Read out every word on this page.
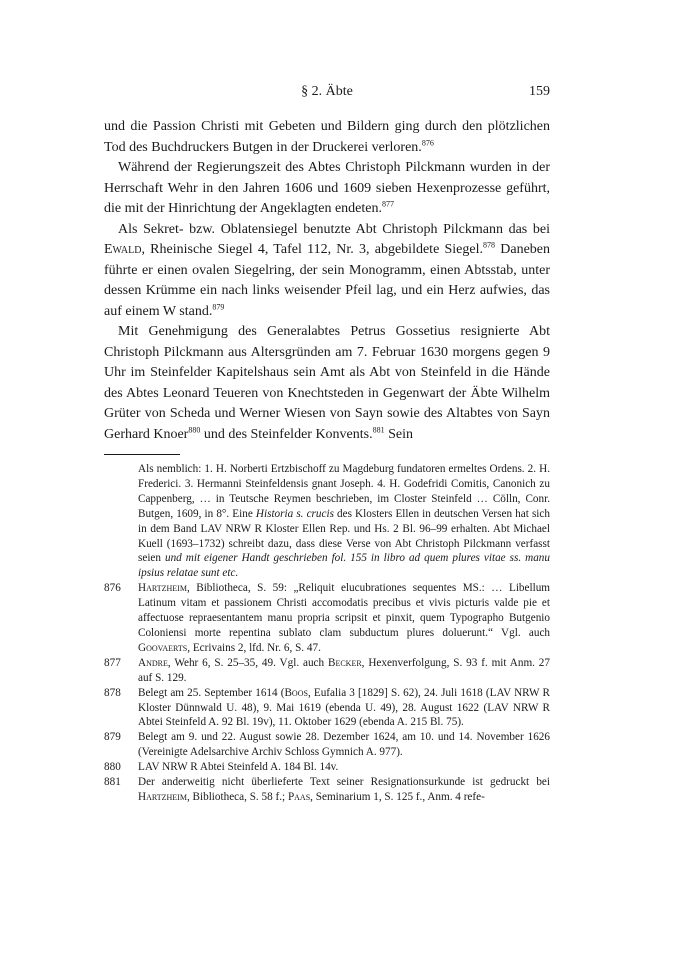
§ 2. Äbte	159

und die Passion Christi mit Gebeten und Bildern ging durch den plötzlichen Tod des Buchdruckers Butgen in der Druckerei verloren.$^{876}$

Während der Regierungszeit des Abtes Christoph Pilckmann wurden in der Herrschaft Wehr in den Jahren 1606 und 1609 sieben Hexenprozesse geführt, die mit der Hinrichtung der Angeklagten endeten.$^{877}$

Als Sekret- bzw. Oblatensiegel benutzte Abt Christoph Pilckmann das bei Ewald, Rheinische Siegel 4, Tafel 112, Nr. 3, abgebildete Siegel.$^{878}$ Daneben führte er einen ovalen Siegelring, der sein Monogramm, einen Abtsstab, unter dessen Krümme ein nach links weisender Pfeil lag, und ein Herz aufwies, das auf einem W stand.$^{879}$

Mit Genehmigung des Generalabtes Petrus Gossetius resignierte Abt Christoph Pilckmann aus Altersgründen am 7. Februar 1630 morgens gegen 9 Uhr im Steinfelder Kapitelshaus sein Amt als Abt von Steinfeld in die Hände des Abtes Leonard Teueren von Knechtsteden in Gegenwart der Äbte Wilhelm Grüter von Scheda und Werner Wiesen von Sayn sowie des Altabtes von Sayn Gerhard Knoer$^{880}$ und des Steinfelder Konvents.$^{881}$ Sein

Als nemblich: 1. H. Norberti Ertzbischoff zu Magdeburg fundatoren ermeltes Ordens. 2. H. Frederici. 3. Hermanni Steinfeldensis gnant Joseph. 4. H. Godefridi Comitis, Canonich zu Cappenberg, … in Teutsche Reymen beschrieben, im Closter Steinfeld … Cölln, Conr. Butgen, 1609, in 8°. Eine Historia s. crucis des Klosters Ellen in deutschen Versen hat sich in dem Band LAV NRW R Kloster Ellen Rep. und Hs. 2 Bl. 96–99 erhalten. Abt Michael Kuell (1693–1732) schreibt dazu, dass diese Verse von Abt Christoph Pilckmann verfasst seien und mit eigener Handt geschrieben fol. 155 in libro ad quem plures vitae ss. manu ipsius relatae sunt etc.
876	Hartzheim, Bibliotheca, S. 59: „Reliquit elucubrationes sequentes MS.: … Libellum Latinum vitam et passionem Christi accomodatis precibus et vivis picturis valde pie et affectuose repraesentantem manu propria scripsit et pinxit, quem Typographo Butgenio Coloniensi morte repentina sublato clam subductum plures doluerunt.“ Vgl. auch Goovaerts, Ecrivains 2, lfd. Nr. 6, S. 47.
877	Andre, Wehr 6, S. 25–35, 49. Vgl. auch Becker, Hexenverfolgung, S. 93 f. mit Anm. 27 auf S. 129.
878	Belegt am 25. September 1614 (Boos, Eufalia 3 [1829] S. 62), 24. Juli 1618 (LAV NRW R Kloster Dünnwald U. 48), 9. Mai 1619 (ebenda U. 49), 28. August 1622 (LAV NRW R Abtei Steinfeld A. 92 Bl. 19v), 11. Oktober 1629 (ebenda A. 215 Bl. 75).
879	Belegt am 9. und 22. August sowie 28. Dezember 1624, am 10. und 14. November 1626 (Vereinigte Adelsarchive Archiv Schloss Gymnich A. 977).
880	LAV NRW R Abtei Steinfeld A. 184 Bl. 14v.
881	Der anderweitig nicht überlieferte Text seiner Resignationsurkunde ist gedruckt bei Hartzheim, Bibliotheca, S. 58 f.; Paas, Seminarium 1, S. 125 f., Anm. 4 refe-
